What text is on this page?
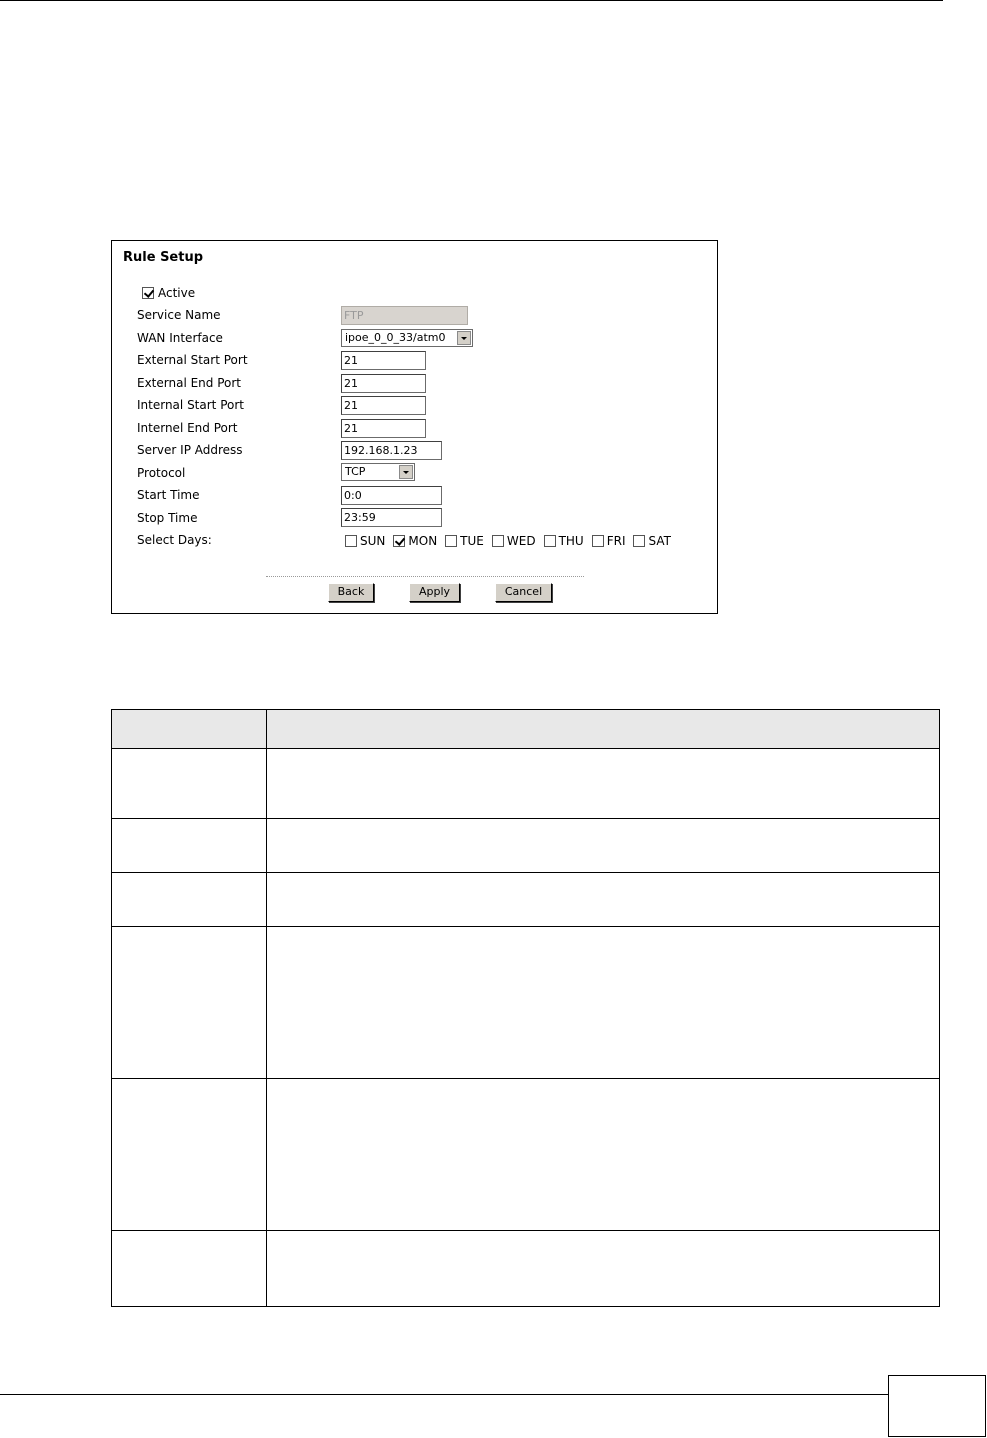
Rule Setup
Active
Service Name	FTP
WAN Interface	ipoe_0_0_33/atm0
External Start Port	21
External End Port	21
Internal Start Port	21
Internel End Port	21
Server IP Address	192.168.1.23
Protocol	TCP
Start Time	0:0
Stop Time	23:59
Select Days:	SUN MON TUE WED THU FRI SAT
Back	Apply	Cancel
